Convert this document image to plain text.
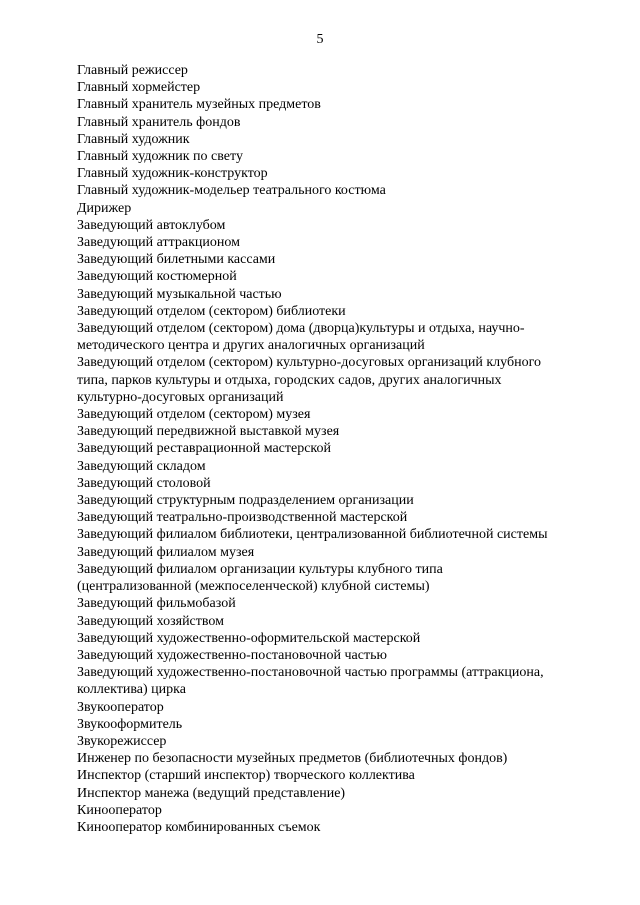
5
Главный режиссер
Главный хормейстер
Главный хранитель музейных предметов
Главный хранитель фондов
Главный художник
Главный художник по свету
Главный художник-конструктор
Главный художник-модельер театрального костюма
Дирижер
Заведующий автоклубом
Заведующий аттракционом
Заведующий билетными кассами
Заведующий костюмерной
Заведующий музыкальной частью
Заведующий отделом (сектором) библиотеки
Заведующий отделом (сектором) дома (дворца)культуры и отдыха, научно-
методического центра и других аналогичных организаций
Заведующий отделом (сектором) культурно-досуговых организаций клубного
типа, парков культуры и отдыха, городских садов, других аналогичных
культурно-досуговых организаций
Заведующий отделом (сектором) музея
Заведующий передвижной выставкой музея
Заведующий реставрационной мастерской
Заведующий складом
Заведующий столовой
Заведующий структурным подразделением организации
Заведующий театрально-производственной мастерской
Заведующий филиалом библиотеки, централизованной библиотечной системы
Заведующий филиалом музея
Заведующий филиалом организации культуры клубного типа
(централизованной (межпоселенческой) клубной системы)
Заведующий фильмобазой
Заведующий хозяйством
Заведующий художественно-оформительской мастерской
Заведующий художественно-постановочной частью
Заведующий художественно-постановочной частью программы (аттракциона,
коллектива) цирка
Звукооператор
Звукооформитель
Звукорежиссер
Инженер по безопасности музейных предметов (библиотечных фондов)
Инспектор (старший инспектор) творческого коллектива
Инспектор манежа (ведущий представление)
Кинооператор
Кинооператор комбинированных съемок
